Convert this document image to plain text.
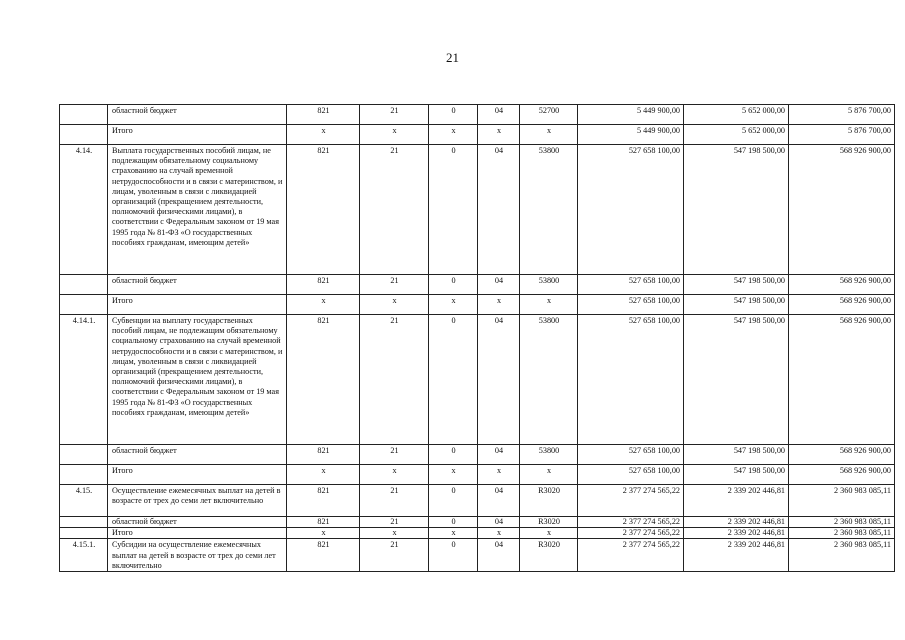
21
	областной бюджет	821	21	0	04	52700	5 449 900,00	5 652 000,00	5 876 700,00
	Итого	x	x	x	x	x	5 449 900,00	5 652 000,00	5 876 700,00
4.14.	Выплата государственных пособий лицам, не подлежащим обязательному социальному страхованию на случай временной нетрудоспособности и в связи с материнством, и лицам, уволенным в связи с ликвидацией организаций (прекращением деятельности, полномочий физическими лицами), в соответствии с Федеральным законом от 19 мая 1995 года № 81-ФЗ «О государственных пособиях гражданам, имеющим детей»	821	21	0	04	53800	527 658 100,00	547 198 500,00	568 926 900,00
	областной бюджет	821	21	0	04	53800	527 658 100,00	547 198 500,00	568 926 900,00
	Итого	x	x	x	x	x	527 658 100,00	547 198 500,00	568 926 900,00
4.14.1.	Субвенции на выплату государственных пособий лицам, не подлежащим обязательному социальному страхованию на случай временной нетрудоспособности и в связи с материнством, и лицам, уволенным в связи с ликвидацией организаций (прекращением деятельности, полномочий физическими лицами), в соответствии с Федеральным законом от 19 мая 1995 года № 81-ФЗ «О государственных пособиях гражданам, имеющим детей»	821	21	0	04	53800	527 658 100,00	547 198 500,00	568 926 900,00
	областной бюджет	821	21	0	04	53800	527 658 100,00	547 198 500,00	568 926 900,00
	Итого	x	x	x	x	x	527 658 100,00	547 198 500,00	568 926 900,00
4.15.	Осуществление ежемесячных выплат на детей в возрасте от трех до семи лет включительно	821	21	0	04	R3020	2 377 274 565,22	2 339 202 446,81	2 360 983 085,11
	областной бюджет	821	21	0	04	R3020	2 377 274 565,22	2 339 202 446,81	2 360 983 085,11
	Итого	x	x	x	x	x	2 377 274 565,22	2 339 202 446,81	2 360 983 085,11
4.15.1.	Субсидии на осуществление ежемесячных выплат на детей в возрасте от трех до семи лет включительно	821	21	0	04	R3020	2 377 274 565,22	2 339 202 446,81	2 360 983 085,11
